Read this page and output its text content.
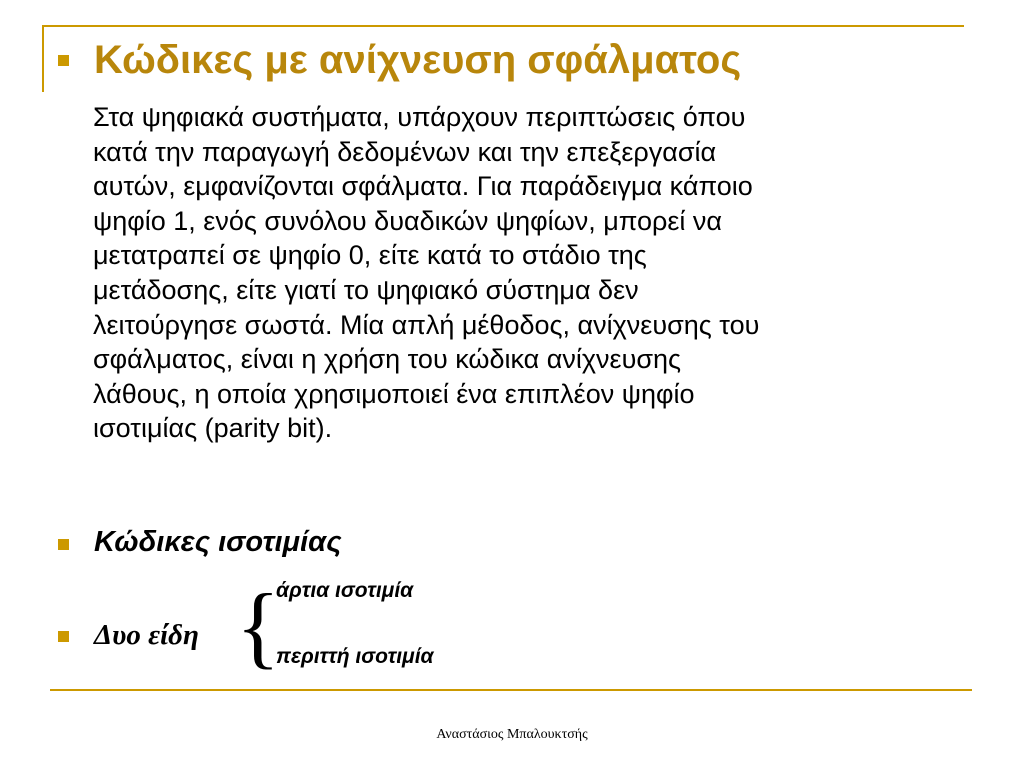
Κώδικες με ανίχνευση σφάλματος
Στα ψηφιακά συστήματα, υπάρχουν περιπτώσεις όπου
κατά την παραγωγή δεδομένων και την επεξεργασία
αυτών, εμφανίζονται σφάλματα. Για παράδειγμα κάποιο
ψηφίο 1, ενός συνόλου δυαδικών ψηφίων, μπορεί να
μετατραπεί σε ψηφίο 0, είτε κατά το στάδιο της
μετάδοσης, είτε γιατί το ψηφιακό σύστημα δεν
λειτούργησε σωστά. Μία απλή μέθοδος, ανίχνευσης του
σφάλματος, είναι η χρήση του κώδικα ανίχνευσης
λάθους, η οποία χρησιμοποιεί ένα επιπλέον ψηφίο
ισοτιμίας (parity bit).
Κώδικες ισοτιμίας
Δυο είδη {
άρτια ισοτιμία
περιττή ισοτιμία
Αναστάσιος Μπαλουκτσής
